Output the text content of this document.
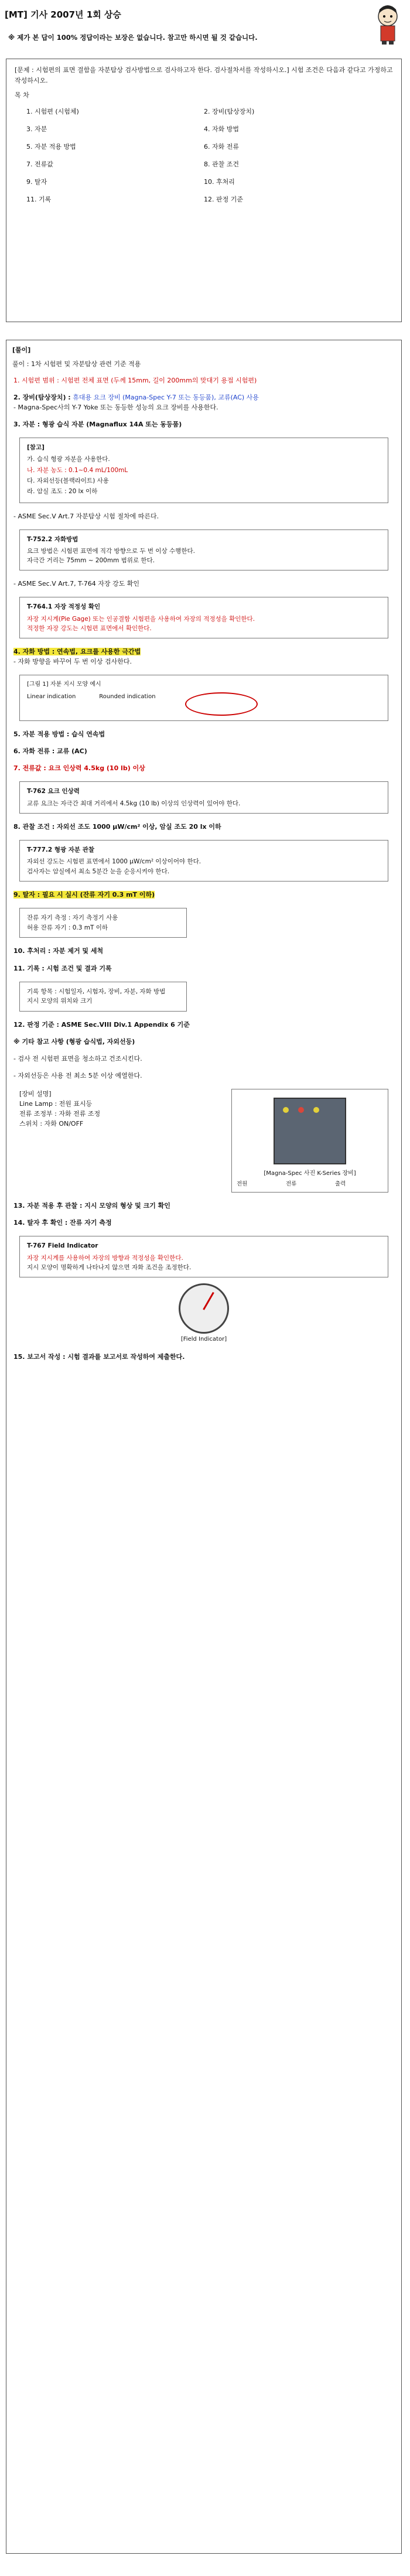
[MT] 기사 2007년 1회 상승
※ 제가 본 답이 100% 정답이라는 보장은 없습니다. 참고만 하시면 될 것 같습니다.
[문제 : 시험편의 표면 결함을 자분탐상 검사방법으로 검사하고자 한다. 검사절차서를 작성하시오.] 시험 조건은 다음과 같다고 가정하고 작성하시오.
목 차
1. 시험편 (시험체)	2. 장비(탐상장치)
3. 자분	4. 자화 방법
5. 자분 적용 방법	6. 자화 전류
7. 전류값	8. 관찰 조건
9. 탈자	10. 후처리
11. 기록	12. 판정 기준
[풀이]
풀이 : 1차 시험편 및 자분탐상 관련 기준 적용
1. 시험편 범위 : 시험편 전체 표면 (두께 15mm, 길이 200mm의 맞대기 용접 시험편)
2. 장비(탐상장치) : 휴대용 요크 장비 (Magna-Spec Y-7 또는 동등품), 교류(AC) 사용
- Magna-Spec사의 Y-7 Yoke 또는 동등한 성능의 요크 장비를 사용한다.
3. 자분 : 형광 습식 자분 (Magnaflux 14A 또는 동등품)
[참고]
가. 습식 형광 자분을 사용한다.
나. 자분 농도 : 0.1~0.4 mL/100mL
다. 자외선등(블랙라이트) 사용
라. 암실 조도 : 20 lx 이하
- ASME Sec.V Art.7 자분탐상 시험 절차에 따른다.
T-752.2 자화방법
요크 방법은 시험편 표면에 직각 방향으로 두 번 이상 수행한다.
자극간 거리는 75mm ~ 200mm 범위로 한다.
- ASME Sec.V Art.7, T-764 자장 강도 확인
T-764.1 자장 적정성 확인
자장 지시계(Pie Gage) 또는 인공결함 시험편을 사용하여 자장의 적정성을 확인한다.
적정한 자장 강도는 시험편 표면에서 확인한다.
4. 자화 방법 : 연속법, 요크를 사용한 극간법
- 자화 방향을 바꾸어 두 번 이상 검사한다.
[그림 1] 자분 지시 모양 예시
Linear indication	Rounded indication
5. 자분 적용 방법 : 습식 연속법
6. 자화 전류 : 교류 (AC)
7. 전류값 : 요크 인상력 4.5kg (10 lb) 이상
T-762 요크 인상력
교류 요크는 자극간 최대 거리에서 4.5kg (10 lb) 이상의 인상력이 있어야 한다.
8. 관찰 조건 : 자외선 조도 1000 μW/cm² 이상, 암실 조도 20 lx 이하
T-777.2 형광 자분 관찰
자외선 강도는 시험편 표면에서 1000 μW/cm² 이상이어야 한다.
검사자는 암실에서 최소 5분간 눈을 순응시켜야 한다.
9. 탈자 : 필요 시 실시 (잔류 자기 0.3 mT 이하)
잔류 자기 측정 : 자기 측정기 사용
허용 잔류 자기 : 0.3 mT 이하
10. 후처리 : 자분 제거 및 세척
11. 기록 : 시험 조건 및 결과 기록
기록 항목 : 시험일자, 시험자, 장비, 자분, 자화 방법
지시 모양의 위치와 크기
12. 판정 기준 : ASME Sec.VIII Div.1 Appendix 6 기준
※ 기타 참고 사항 (형광 습식법, 자외선등)
- 검사 전 시험편 표면을 청소하고 건조시킨다.
- 자외선등은 사용 전 최소 5분 이상 예열한다.
[장비 설명]
Line Lamp : 전원 표시등
전류 조정부 : 자화 전류 조정
스위치 : 자화 ON/OFF
[Magna-Spec 사진 K-Series 장비]
전원	전류	출력
13. 자분 적용 후 관찰 : 지시 모양의 형상 및 크기 확인
14. 탈자 후 확인 : 잔류 자기 측정
T-767 Field Indicator
자장 지시계를 사용하여 자장의 방향과 적정성을 확인한다.
지시 모양이 명확하게 나타나지 않으면 자화 조건을 조정한다.
[Field Indicator]
15. 보고서 작성 : 시험 결과를 보고서로 작성하여 제출한다.
